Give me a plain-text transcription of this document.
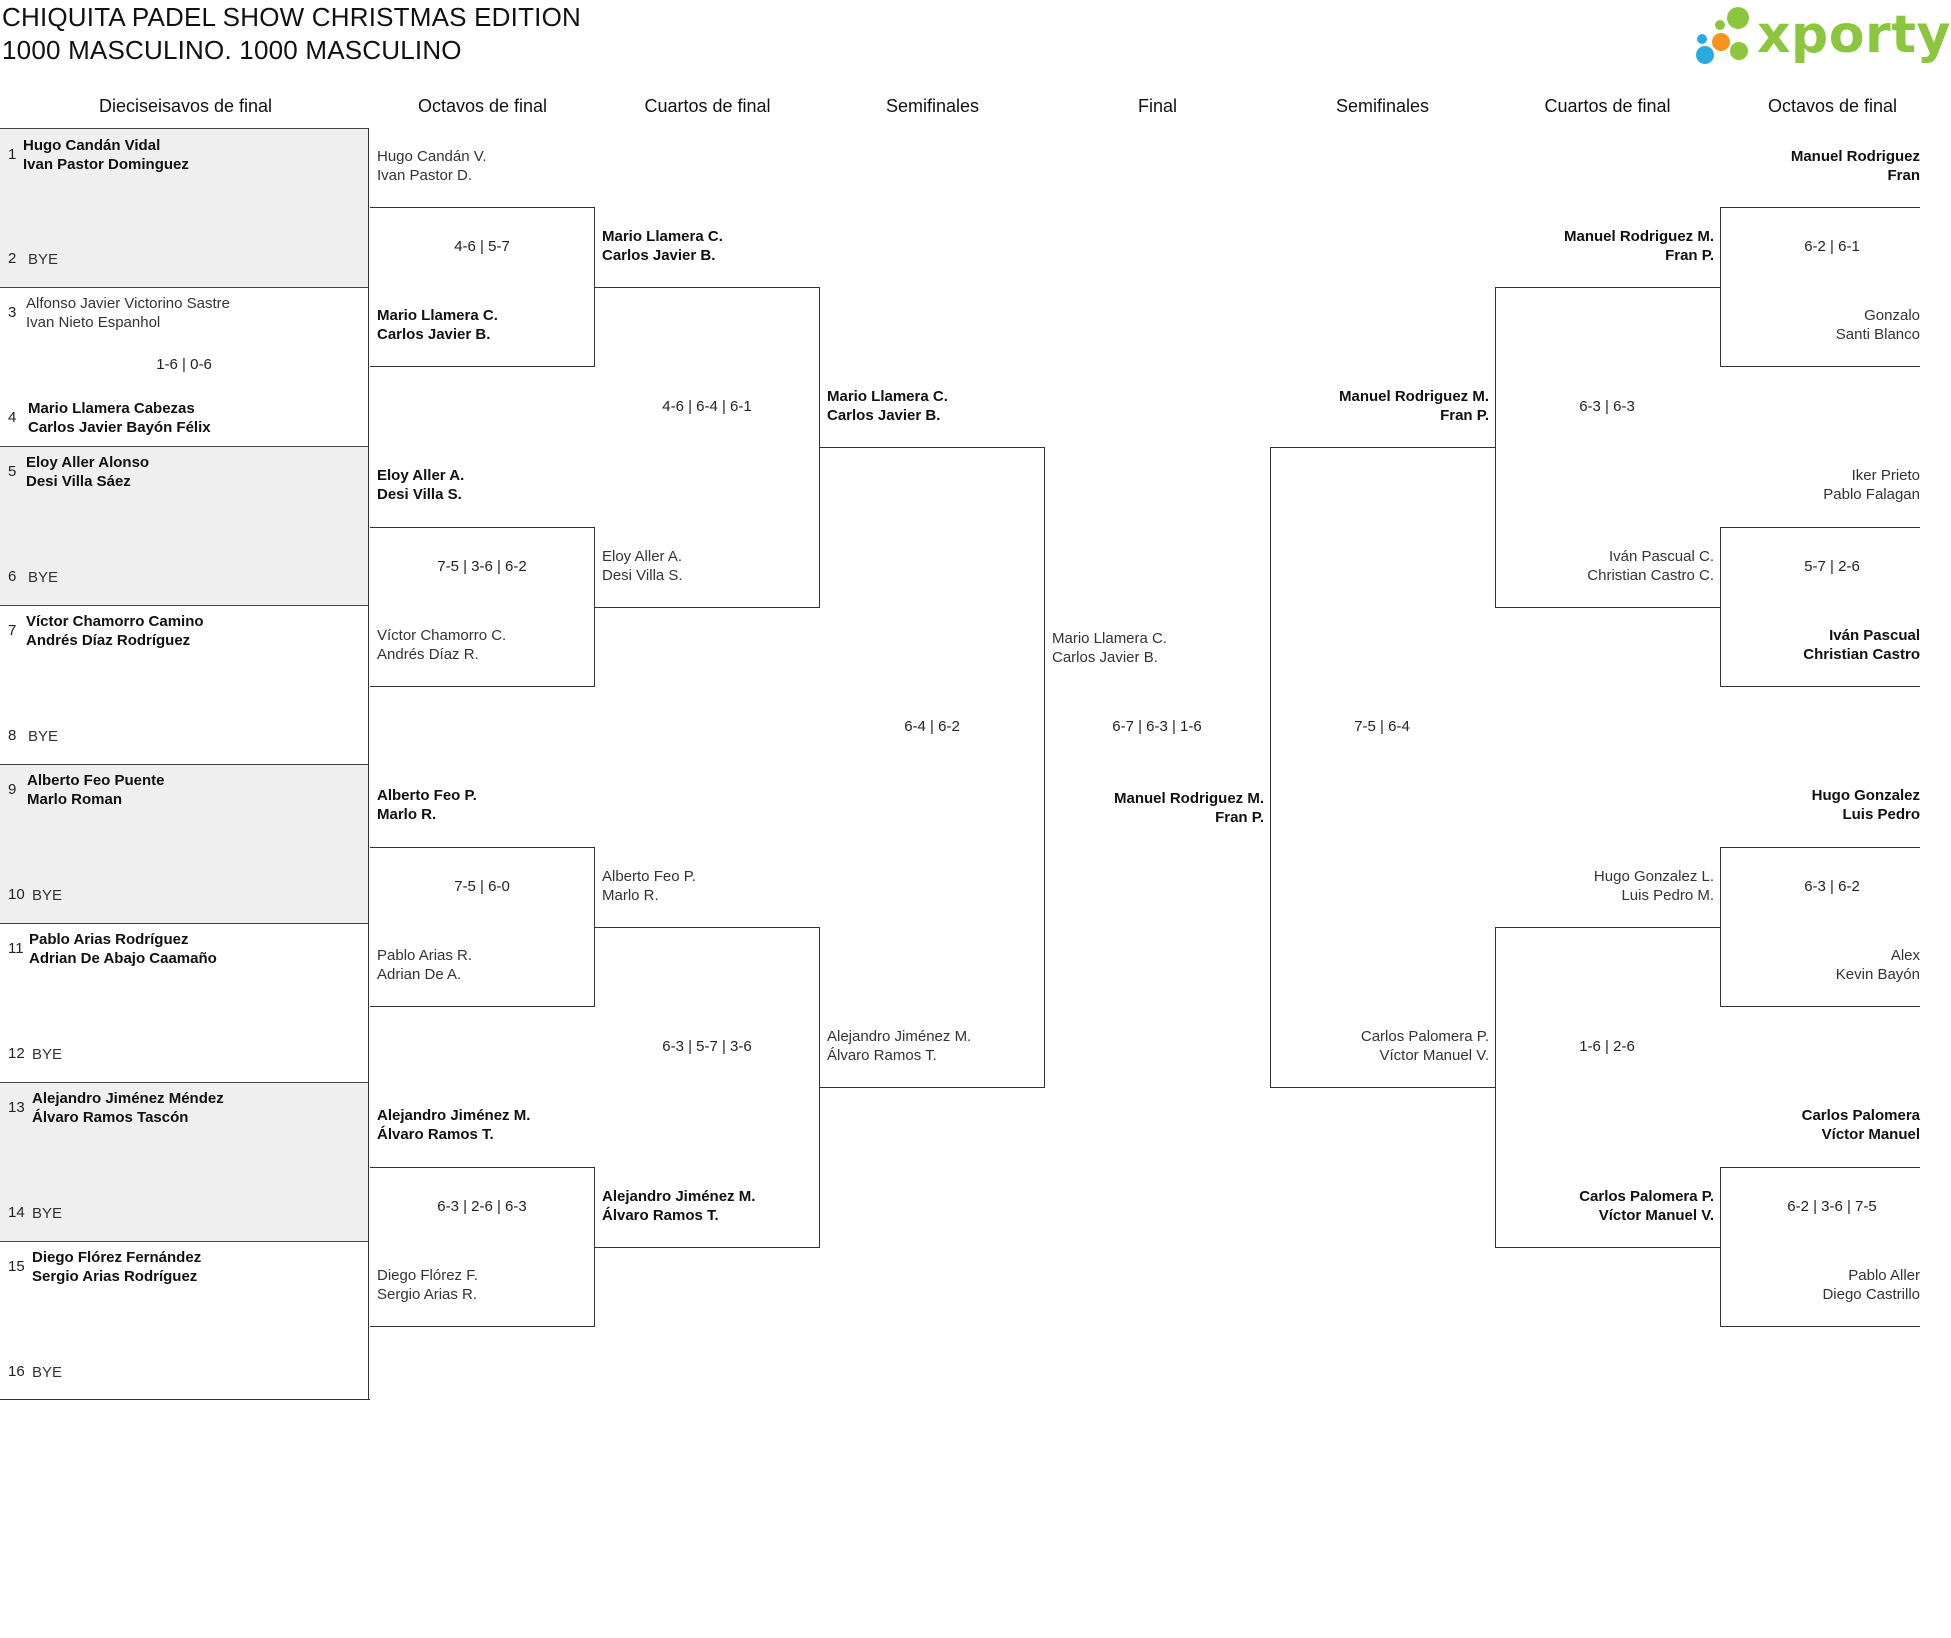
CHIQUITA PADEL SHOW CHRISTMAS EDITION
1000 MASCULINO. 1000 MASCULINO	xporty
Dieciseisavos de final	Octavos de final	Cuartos de final	Semifinales	Final	Semifinales	Cuartos de final	Octavos de final
1
Hugo Candán Vidal
Ivan Pastor Dominguez
2 BYE
3
Alfonso Javier Victorino Sastre
Ivan Nieto Espanhol
1-6 | 0-6
4
Mario Llamera Cabezas
Carlos Javier Bayón Félix
5
Eloy Aller Alonso
Desi Villa Sáez
6 BYE
7
Víctor Chamorro Camino
Andrés Díaz Rodríguez
8 BYE
9
Alberto Feo Puente
Marlo Roman
10 BYE
11
Pablo Arias Rodríguez
Adrian De Abajo Caamaño
12 BYE
13
Alejandro Jiménez Méndez
Álvaro Ramos Tascón
14 BYE
15
Diego Flórez Fernández
Sergio Arias Rodríguez
16 BYE
Hugo Candán V.
Ivan Pastor D.
4-6 | 5-7
Mario Llamera C.
Carlos Javier B.
Eloy Aller A.
Desi Villa S.
7-5 | 3-6 | 6-2
Víctor Chamorro C.
Andrés Díaz R.
Alberto Feo P.
Marlo R.
7-5 | 6-0
Pablo Arias R.
Adrian De A.
Alejandro Jiménez M.
Álvaro Ramos T.
6-3 | 2-6 | 6-3
Diego Flórez F.
Sergio Arias R.
Mario Llamera C.
Carlos Javier B.
4-6 | 6-4 | 6-1
Eloy Aller A.
Desi Villa S.
Alberto Feo P.
Marlo R.
6-3 | 5-7 | 3-6
Alejandro Jiménez M.
Álvaro Ramos T.
Mario Llamera C.
Carlos Javier B.
6-4 | 6-2
Alejandro Jiménez M.
Álvaro Ramos T.
Mario Llamera C.
Carlos Javier B.
6-7 | 6-3 | 1-6
Manuel Rodriguez M.
Fran P.
Manuel Rodriguez M.
Fran P.
7-5 | 6-4
Carlos Palomera P.
Víctor Manuel V.
Manuel Rodriguez M.
Fran P.
6-3 | 6-3
Iván Pascual C.
Christian Castro C.
Hugo Gonzalez L.
Luis Pedro M.
1-6 | 2-6
Carlos Palomera P.
Víctor Manuel V.
Manuel Rodriguez
Fran
6-2 | 6-1
Gonzalo
Santi Blanco
Iker Prieto
Pablo Falagan
5-7 | 2-6
Iván Pascual
Christian Castro
Hugo Gonzalez
Luis Pedro
6-3 | 6-2
Alex
Kevin Bayón
Carlos Palomera
Víctor Manuel
6-2 | 3-6 | 7-5
Pablo Aller
Diego Castrillo
